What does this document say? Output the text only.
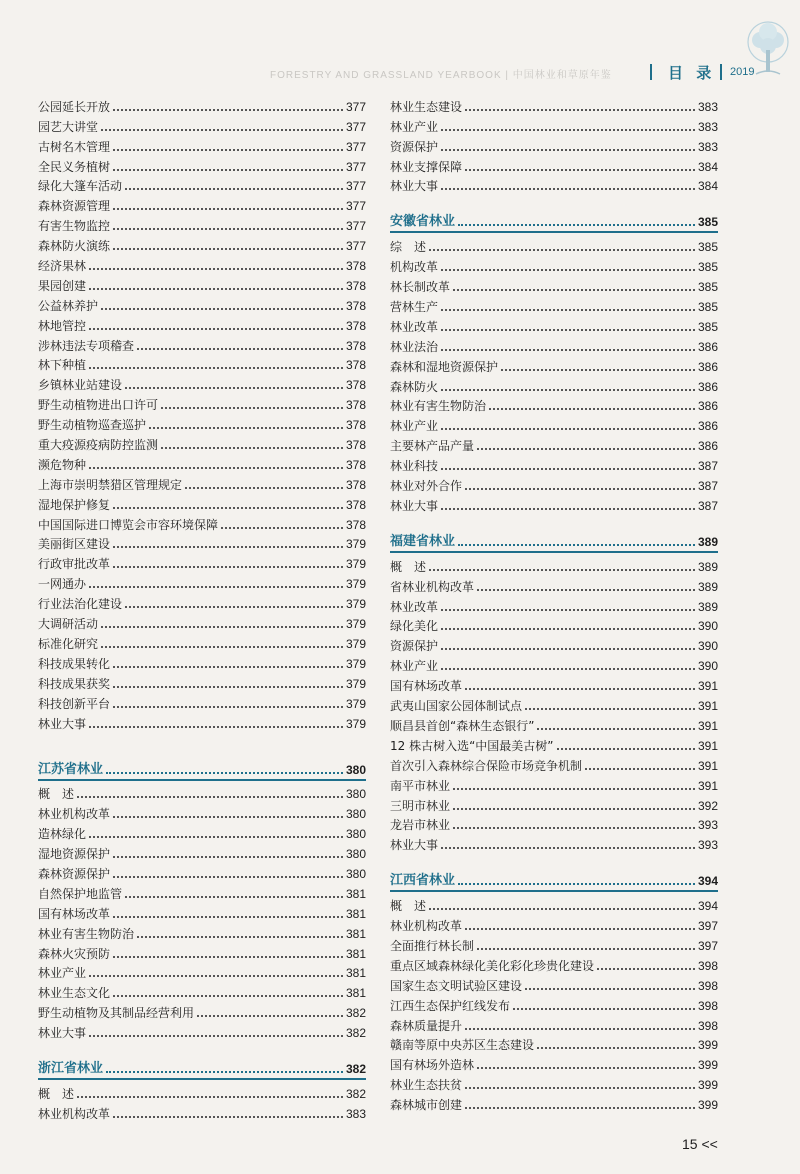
FORESTRY AND GRASSLAND YEARBOOK | 中国林业和草原年鉴	目 录 2019
公园延长开放	377
园艺大讲堂	377
古树名木管理	377
全民义务植树	377
绿化大篷车活动	377
森林资源管理	377
有害生物监控	377
森林防火演练	377
经济果林	378
果园创建	378
公益林养护	378
林地管控	378
涉林违法专项稽查	378
林下种植	378
乡镇林业站建设	378
野生动植物进出口许可	378
野生动植物巡查巡护	378
重大疫源疫病防控监测	378
濒危物种	378
上海市崇明禁猎区管理规定	378
湿地保护修复	378
中国国际进口博览会市容环境保障	378
美丽街区建设	379
行政审批改革	379
一网通办	379
行业法治化建设	379
大调研活动	379
标准化研究	379
科技成果转化	379
科技成果获奖	379
科技创新平台	379
林业大事	379
江苏省林业	380
概　述	380
林业机构改革	380
造林绿化	380
湿地资源保护	380
森林资源保护	380
自然保护地监管	381
国有林场改革	381
林业有害生物防治	381
森林火灾预防	381
林业产业	381
林业生态文化	381
野生动植物及其制品经营利用	382
林业大事	382
浙江省林业	382
概　述	382
林业机构改革	383
林业生态建设	383
林业产业	383
资源保护	383
林业支撑保障	384
林业大事	384
安徽省林业	385
综　述	385
机构改革	385
林长制改革	385
营林生产	385
林业改革	385
林业法治	386
森林和湿地资源保护	386
森林防火	386
林业有害生物防治	386
林业产业	386
主要林产品产量	386
林业科技	387
林业对外合作	387
林业大事	387
福建省林业	389
概　述	389
省林业机构改革	389
林业改革	389
绿化美化	390
资源保护	390
林业产业	390
国有林场改革	391
武夷山国家公园体制试点	391
顺昌县首创“森林生态银行”	391
12 株古树入选“中国最美古树”	391
首次引入森林综合保险市场竞争机制	391
南平市林业	391
三明市林业	392
龙岩市林业	393
林业大事	393
江西省林业	394
概　述	394
林业机构改革	397
全面推行林长制	397
重点区域森林绿化美化彩化珍贵化建设	398
国家生态文明试验区建设	398
江西生态保护红线发布	398
森林质量提升	398
赣南等原中央苏区生态建设	399
国有林场外造林	399
林业生态扶贫	399
森林城市创建	399
15 <<
